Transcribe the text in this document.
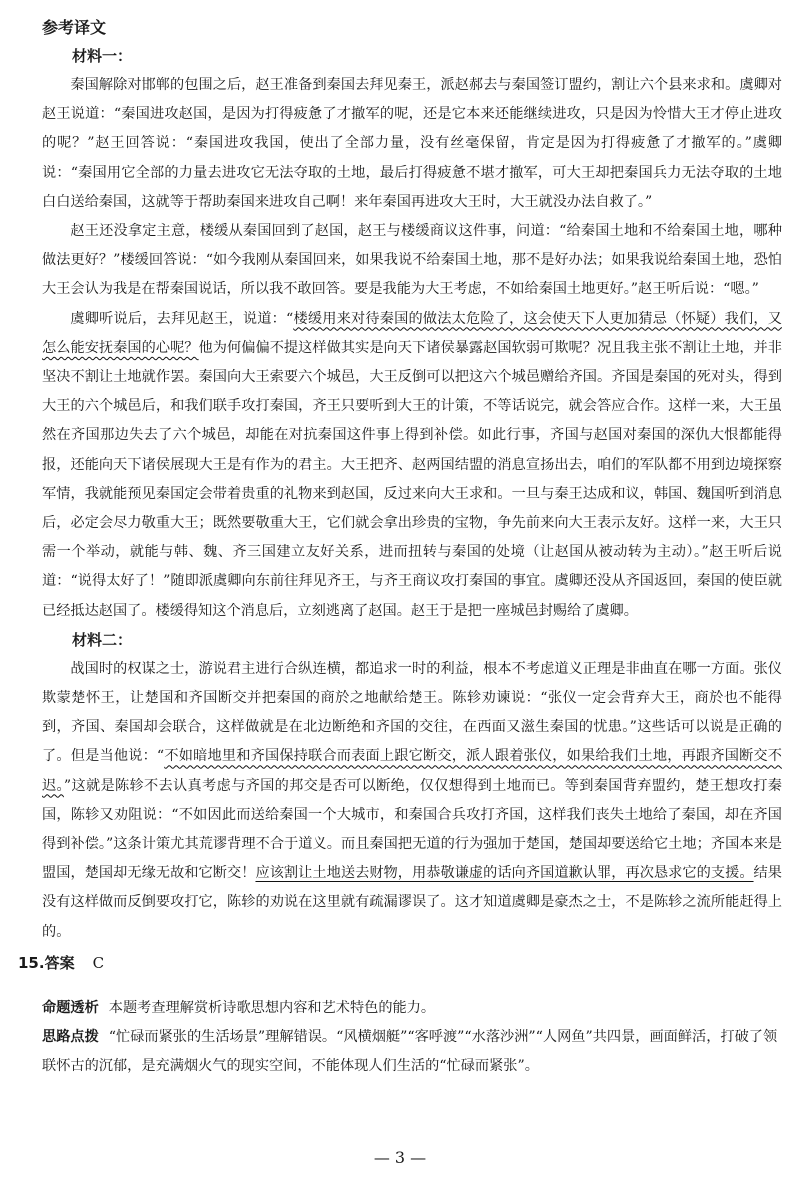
参考译文

材料一：

秦国解除对邯郸的包围之后，赵王准备到秦国去拜见秦王，派赵郝去与秦国签订盟约，割让六个县来求和。虞卿对赵王说道：“秦国进攻赵国，是因为打得疲惫了才撤军的呢，还是它本来还能继续进攻，只是因为怜惜大王才停止进攻的呢？”赵王回答说：“秦国进攻我国，使出了全部力量，没有丝毫保留，肯定是因为打得疲惫了才撤军的。”虞卿说：“秦国用它全部的力量去进攻它无法夺取的土地，最后打得疲惫不堪才撤军，可大王却把秦国兵力无法夺取的土地白白送给秦国，这就等于帮助秦国来进攻自己啊！来年秦国再进攻大王时，大王就没办法自救了。”

赵王还没拿定主意，楼缓从秦国回到了赵国，赵王与楼缓商议这件事，问道：“给秦国土地和不给秦国土地，哪种做法更好？”楼缓回答说：“如今我刚从秦国回来，如果我说不给秦国土地，那不是好办法；如果我说给秦国土地，恐怕大王会认为我是在帮秦国说话，所以我不敢回答。要是我能为大王考虑，不如给秦国土地更好。”赵王听后说：“嗯。”

虞卿听说后，去拜见赵王，说道：“楼缓用来对待秦国的做法太危险了，这会使天下人更加猜忌（怀疑）我们，又怎么能安抚秦国的心呢？他为何偏偏不提这样做其实是向天下诸侯暴露赵国软弱可欺呢？况且我主张不割让土地，并非坚决不割让土地就作罢。秦国向大王索要六个城邑，大王反倒可以把这六个城邑赠给齐国。齐国是秦国的死对头，得到大王的六个城邑后，和我们联手攻打秦国，齐王只要听到大王的计策，不等话说完，就会答应合作。这样一来，大王虽然在齐国那边失去了六个城邑，却能在对抗秦国这件事上得到补偿。如此行事，齐国与赵国对秦国的深仇大恨都能得报，还能向天下诸侯展现大王是有作为的君主。大王把齐、赵两国结盟的消息宣扬出去，咱们的军队都不用到边境探察军情，我就能预见秦国定会带着贵重的礼物来到赵国，反过来向大王求和。一旦与秦王达成和议，韩国、魏国听到消息后，必定会尽力敬重大王；既然要敬重大王，它们就会拿出珍贵的宝物，争先前来向大王表示友好。这样一来，大王只需一个举动，就能与韩、魏、齐三国建立友好关系，进而扭转与秦国的处境（让赵国从被动转为主动）。”赵王听后说道：“说得太好了！”随即派虞卿向东前往拜见齐王，与齐王商议攻打秦国的事宜。虞卿还没从齐国返回，秦国的使臣就已经抵达赵国了。楼缓得知这个消息后，立刻逃离了赵国。赵王于是把一座城邑封赐给了虞卿。

材料二：

战国时的权谋之士，游说君主进行合纵连横，都追求一时的利益，根本不考虑道义正理是非曲直在哪一方面。张仪欺蒙楚怀王，让楚国和齐国断交并把秦国的商於之地献给楚王。陈轸劝谏说：“张仪一定会背弃大王，商於也不能得到，齐国、秦国却会联合，这样做就是在北边断绝和齐国的交往，在西面又滋生秦国的忧患。”这些话可以说是正确的了。但是当他说：“不如暗地里和齐国保持联合而表面上跟它断交，派人跟着张仪，如果给我们土地，再跟齐国断交不迟。”这就是陈轸不去认真考虑与齐国的邦交是否可以断绝，仅仅想得到土地而已。等到秦国背弃盟约，楚王想攻打秦国，陈轸又劝阻说：“不如因此而送给秦国一个大城市，和秦国合兵攻打齐国，这样我们丧失土地给了秦国，却在齐国得到补偿。”这条计策尤其荒谬背理不合于道义。而且秦国把无道的行为强加于楚国，楚国却要送给它土地；齐国本来是盟国，楚国却无缘无故和它断交！应该割让土地送去财物，用恭敬谦虚的话向齐国道歉认罪，再次恳求它的支援。结果没有这样做而反倒要攻打它，陈轸的劝说在这里就有疏漏谬误了。这才知道虞卿是豪杰之士，不是陈轸之流所能赶得上的。

15.答案 C

命题透析 本题考查理解赏析诗歌思想内容和艺术特色的能力。

思路点拨 “忙碌而紧张的生活场景”理解错误。“风横烟艇”“客呼渡”“水落沙洲”“人网鱼”共四景，画面鲜活，打破了领联怀古的沉郁，是充满烟火气的现实空间，不能体现人们生活的“忙碌而紧张”。

— 3 —
